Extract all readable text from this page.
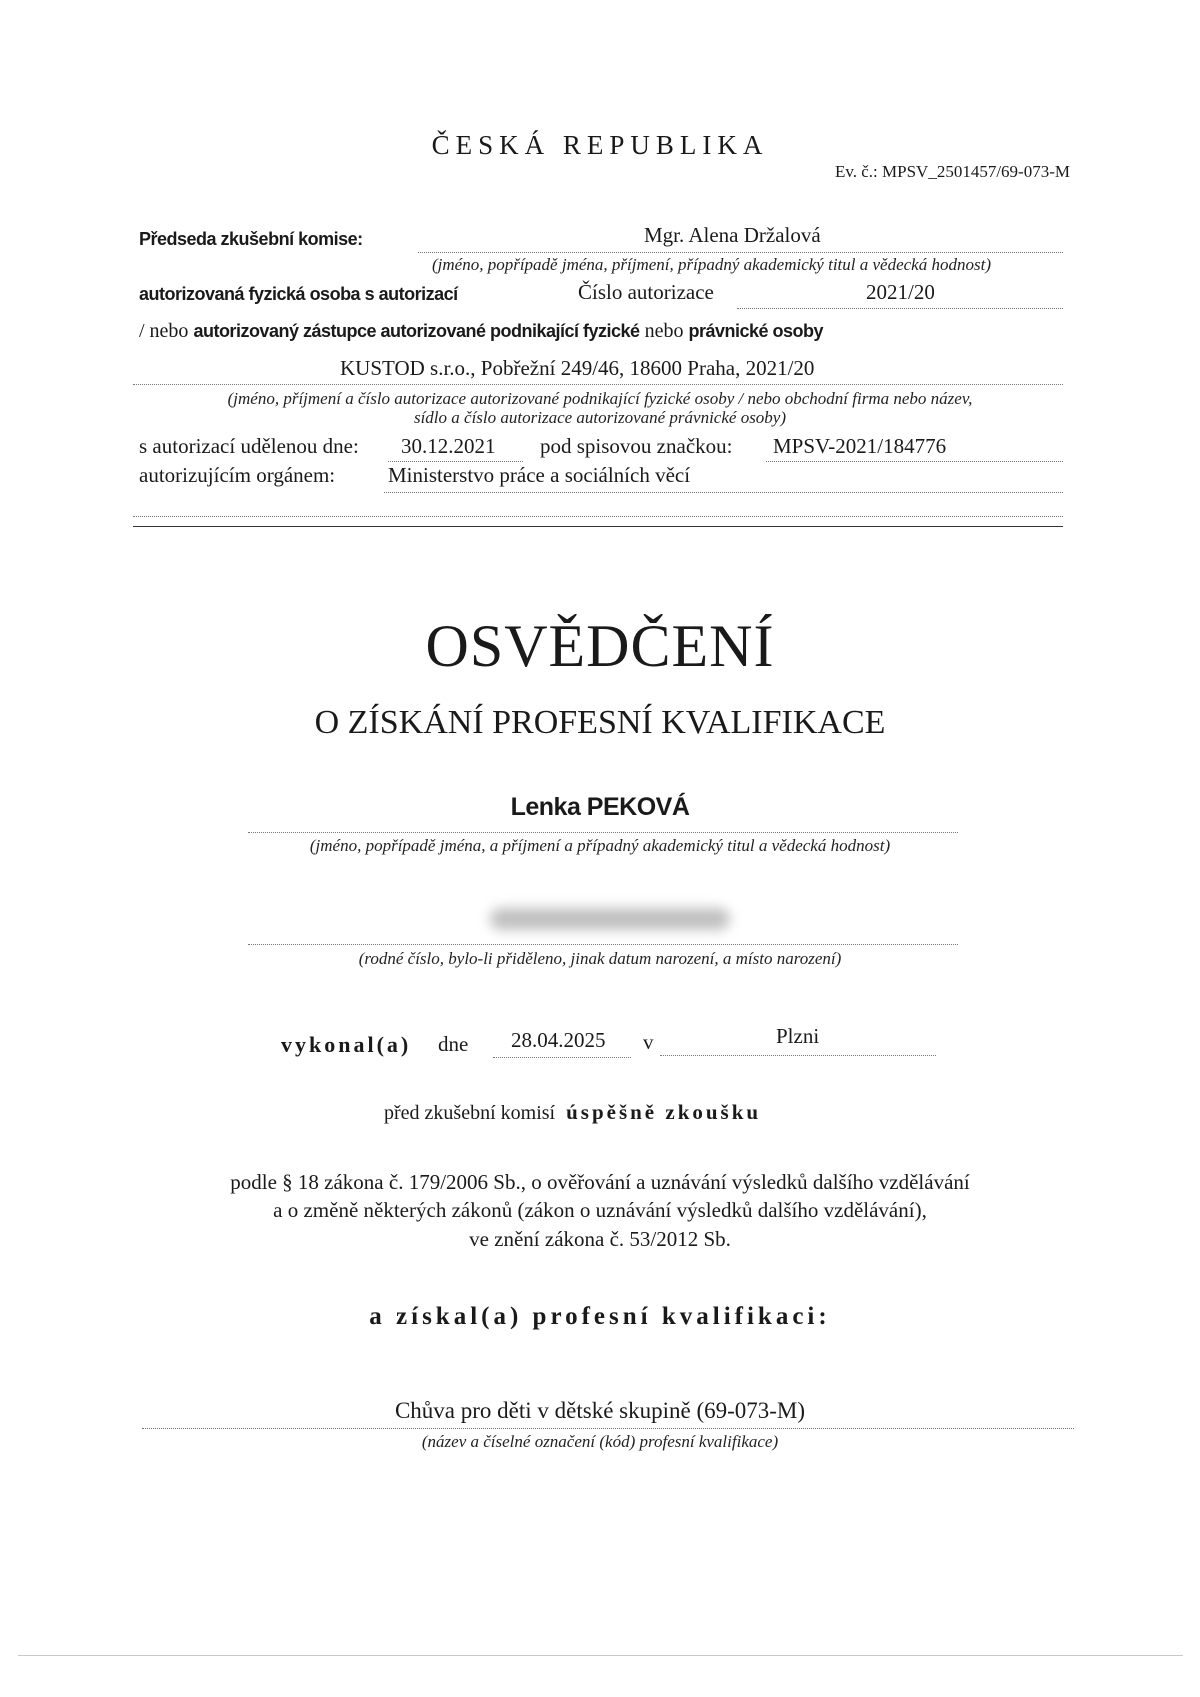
ČESKÁ REPUBLIKA
Ev. č.: MPSV_2501457/69-073-M
Předseda zkušební komise:	Mgr. Alena Držalová
(jméno, popřípadě jména, příjmení, případný akademický titul a vědecká hodnost)
autorizovaná fyzická osoba s autorizací	Číslo autorizace	2021/20
/ nebo autorizovaný zástupce autorizované podnikající fyzické nebo právnické osoby
KUSTOD s.r.o., Pobřežní 249/46, 18600 Praha, 2021/20
(jméno, příjmení a číslo autorizace autorizované podnikající fyzické osoby / nebo obchodní firma nebo název,
sídlo a číslo autorizace autorizované právnické osoby)
s autorizací udělenou dne: 30.12.2021 pod spisovou značkou: MPSV-2021/184776
autorizujícím orgánem:	Ministerstvo práce a sociálních věcí
OSVĚDČENÍ
O ZÍSKÁNÍ PROFESNÍ KVALIFIKACE
Lenka PEKOVÁ
(jméno, popřípadě jména, a příjmení a případný akademický titul a vědecká hodnost)
(rodné číslo, bylo-li přiděleno, jinak datum narození, a místo narození)
vykonal(a) dne 28.04.2025 v	Plzni
před zkušební komisí úspěšně zkoušku
podle § 18 zákona č. 179/2006 Sb., o ověřování a uznávání výsledků dalšího vzdělávání
a o změně některých zákonů (zákon o uznávání výsledků dalšího vzdělávání),
ve znění zákona č. 53/2012 Sb.
a získal(a) profesní kvalifikaci:
Chůva pro děti v dětské skupině (69-073-M)
(název a číselné označení (kód) profesní kvalifikace)
